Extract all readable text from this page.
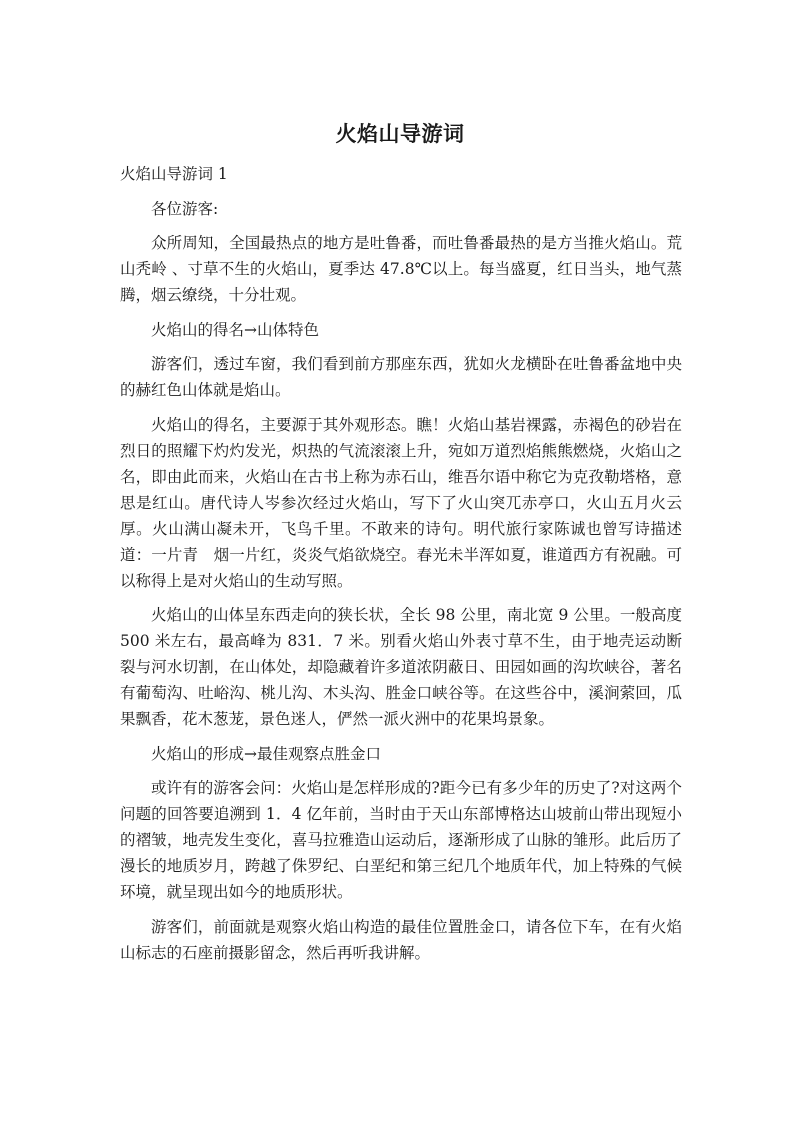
火焰山导游词

火焰山导游词 1

各位游客:

众所周知，全国最热点的地方是吐鲁番，而吐鲁番最热的是方当推火焰山。荒山秃岭 、寸草不生的火焰山，夏季达 47.8℃以上。每当盛夏，红日当头，地气蒸腾，烟云缭绕，十分壮观。

火焰山的得名→山体特色

游客们，透过车窗，我们看到前方那座东西，犹如火龙横卧在吐鲁番盆地中央的赫红色山体就是焰山。

火焰山的得名，主要源于其外观形态。瞧！火焰山基岩裸露，赤褐色的砂岩在烈日的照耀下灼灼发光，炽热的气流滚滚上升，宛如万道烈焰熊熊燃烧，火焰山之名，即由此而来，火焰山在古书上称为赤石山，维吾尔语中称它为克孜勒塔格，意思是红山。唐代诗人岑参次经过火焰山，写下了火山突兀赤亭口，火山五月火云厚。火山满山凝未开，飞鸟千里。不敢来的诗句。明代旅行家陈诚也曾写诗描述道：一片青　烟一片红，炎炎气焰欲烧空。春光未半浑如夏，谁道西方有祝融。可以称得上是对火焰山的生动写照。

火焰山的山体呈东西走向的狭长状，全长 98 公里，南北宽 9 公里。一般高度 500 米左右，最高峰为 831．7 米。别看火焰山外表寸草不生，由于地壳运动断裂与河水切割，在山体处，却隐藏着许多道浓阴蔽日、田园如画的沟坎峡谷，著名有葡萄沟、吐峪沟、桃儿沟、木头沟、胜金口峡谷等。在这些谷中，溪涧萦回，瓜果飘香，花木葱茏，景色迷人，俨然一派火洲中的花果坞景象。

火焰山的形成→最佳观察点胜金口

或许有的游客会问：火焰山是怎样形成的?距今已有多少年的历史了?对这两个问题的回答要追溯到 1．4 亿年前，当时由于天山东部博格达山坡前山带出现短小的褶皱，地壳发生变化，喜马拉雅造山运动后，逐渐形成了山脉的雏形。此后历了漫长的地质岁月，跨越了侏罗纪、白垩纪和第三纪几个地质年代，加上特殊的气候环境，就呈现出如今的地质形状。

游客们，前面就是观察火焰山构造的最佳位置胜金口，请各位下车，在有火焰山标志的石座前摄影留念，然后再听我讲解。
